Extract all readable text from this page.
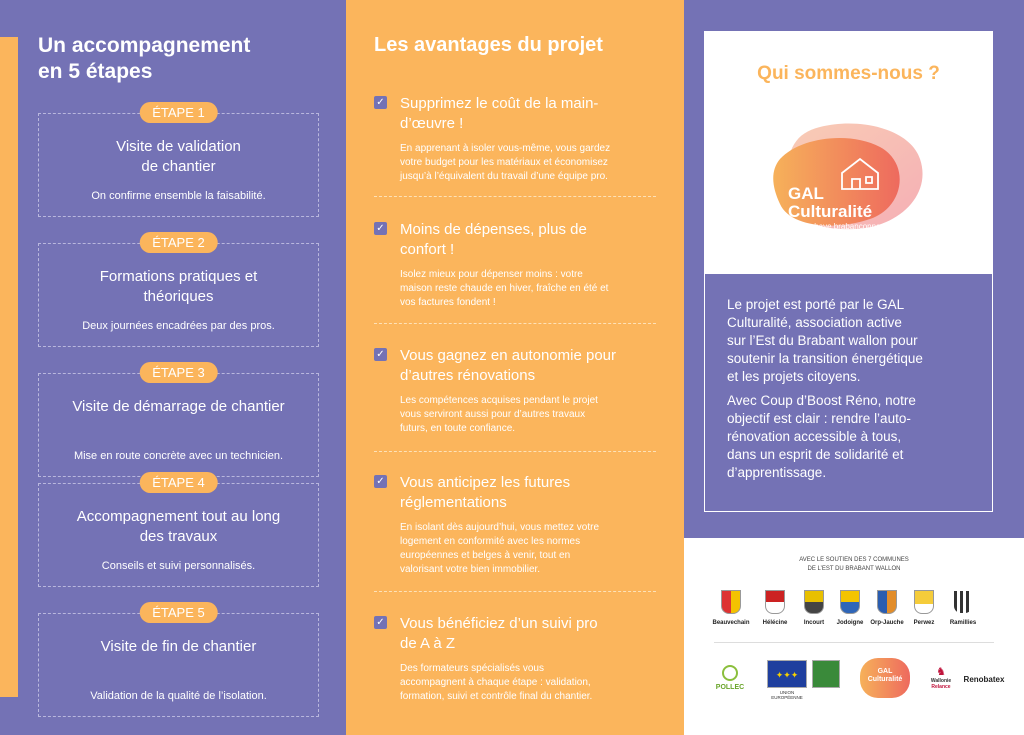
Un accompagnement
en 5 étapes
ÉTAPE 1
Visite de validation
de chantier
On confirme ensemble la faisabilité.
ÉTAPE 2
Formations pratiques et
théoriques
Deux journées encadrées par des pros.
ÉTAPE 3
Visite de démarrage de chantier

Mise en route concrète avec un technicien.
ÉTAPE 4
Accompagnement tout au long
des travaux
Conseils et suivi personnalisés.
ÉTAPE 5
Visite de fin de chantier

Validation de la qualité de l’isolation.
Les avantages du projet
✓ Supprimez le coût de la main-
d’œuvre !
En apprenant à isoler vous-même, vous gardez
votre budget pour les matériaux et économisez
jusqu’à l’équivalent du travail d’une équipe pro.
✓ Moins de dépenses, plus de
confort !
Isolez mieux pour dépenser moins : votre
maison reste chaude en hiver, fraîche en été et
vos factures fondent !
✓ Vous gagnez en autonomie pour
d’autres rénovations
Les compétences acquises pendant le projet
vous serviront aussi pour d’autres travaux
futurs, en toute confiance.
✓ Vous anticipez les futures
réglementations
En isolant dès aujourd’hui, vous mettez votre
logement en conformité avec les normes
européennes et belges à venir, tout en
valorisant votre bien immobilier.
✓ Vous bénéficiez d’un suivi pro
de A à Z
Des formateurs spécialisés vous
accompagnent à chaque étape : validation,
formation, suivi et contrôle final du chantier.
Qui sommes-nous ?
GAL
Culturalité
Hesbaye brabançonne

Le projet est porté par le GAL
Culturalité, association active
sur l’Est du Brabant wallon pour
soutenir la transition énergétique
et les projets citoyens.

Avec Coup d’Boost Réno, notre
objectif est clair : rendre l’auto-
rénovation accessible à tous,
dans un esprit de solidarité et
d’apprentissage.

AVEC LE SOUTIEN DES 7 COMMUNES
DE L’EST DU BRABANT WALLON
Beauvechain	Hélécine	Incourt	Jodoigne	Orp-Jauche	Perwez	Ramillies
POLLEC
✦✦✦
UNION EUROPÉENNE
GAL
Culturalité
♞
Wallonie
Relance
Renobatex
